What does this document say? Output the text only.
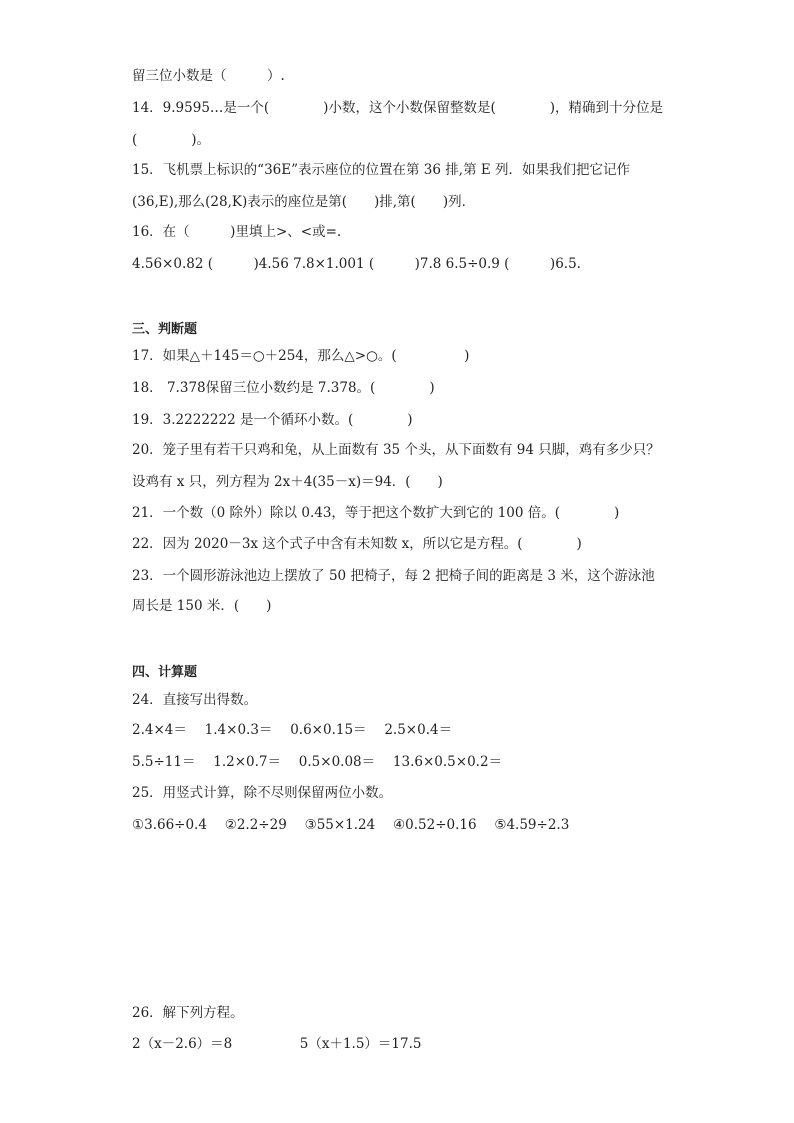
留三位小数是（　　　）.
14．9.9595…是一个(　　　　)小数，这个小数保留整数是(　　　　)，精确到十分位是
(　　　　)。
15．飞机票上标识的“36E”表示座位的位置在第 36 排,第 E 列．如果我们把它记作
(36,E),那么(28,K)表示的座位是第(　　)排,第(　　)列．
16．在（　　　)里填上>、<或=.
4.56×0.82 (　　　)4.56 7.8×1.001 (　　　)7.8 6.5÷0.9 (　　　)6.5.
三、判断题
17．如果△＋145＝○＋254，那么△>○。(　　　　　)
18． 7.3̇78̇保留三位小数约是 7.378。(　　　　)
19．3.2222222 是一个循环小数。(　　　　)
20．笼子里有若干只鸡和兔，从上面数有 35 个头，从下面数有 94 只脚，鸡有多少只？
设鸡有 x 只，列方程为 2x＋4(35－x)＝94．(　　)
21．一个数（0 除外）除以 0.43，等于把这个数扩大到它的 100 倍。(　　　　)
22．因为 2020－3x 这个式子中含有未知数 x，所以它是方程。(　　　　)
23．一个圆形游泳池边上摆放了 50 把椅子，每 2 把椅子间的距离是 3 米，这个游泳池
周长是 150 米．(　　)
四、计算题
24．直接写出得数。
2.4×4＝　 1.4×0.3＝　 0.6×0.15＝　 2.5×0.4＝
5.5÷11＝　 1.2×0.7＝　 0.5×0.08＝　 13.6×0.5×0.2＝
25．用竖式计算，除不尽则保留两位小数。
①3.66÷0.4　 ②2.2÷29　 ③55×1.24　 ④0.52÷0.16　 ⑤4.59÷2.3
26．解下列方程。
2（x－2.6）＝8　　　　　5（x＋1.5）＝17.5
